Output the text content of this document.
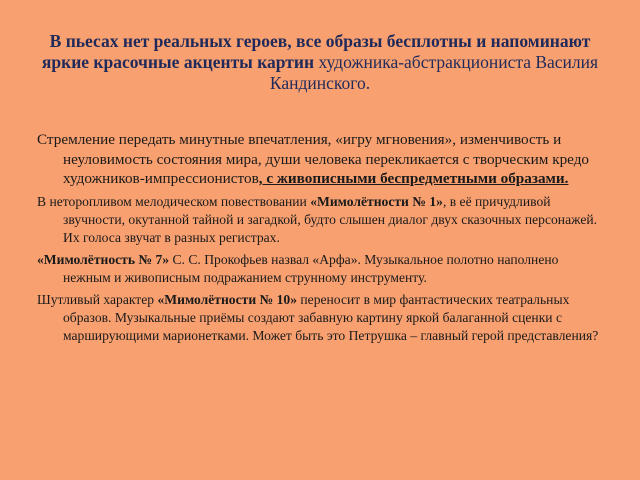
В пьесах нет реальных героев, все образы бесплотны и напоминают яркие красочные акценты картин художника-абстракциониста Василия Кандинского.

Стремление передать минутные впечатления, «игру мгновения», изменчивость и неуловимость состояния мира, души человека перекликается с творческим кредо художников-импрессионистов, с живописными беспредметными образами.

В неторопливом мелодическом повествовании «Мимолётности № 1», в её причудливой звучности, окутанной тайной и загадкой, будто слышен диалог двух сказочных персонажей. Их голоса звучат в разных регистрах.

«Мимолётность № 7» С. С. Прокофьев назвал «Арфа». Музыкальное полотно наполнено нежным и живописным подражанием струнному инструменту.

Шутливый характер «Мимолётности № 10» переносит в мир фантастических театральных образов. Музыкальные приёмы создают забавную картину яркой балаганной сценки с марширующими марионетками. Может быть это Петрушка – главный герой представления?
